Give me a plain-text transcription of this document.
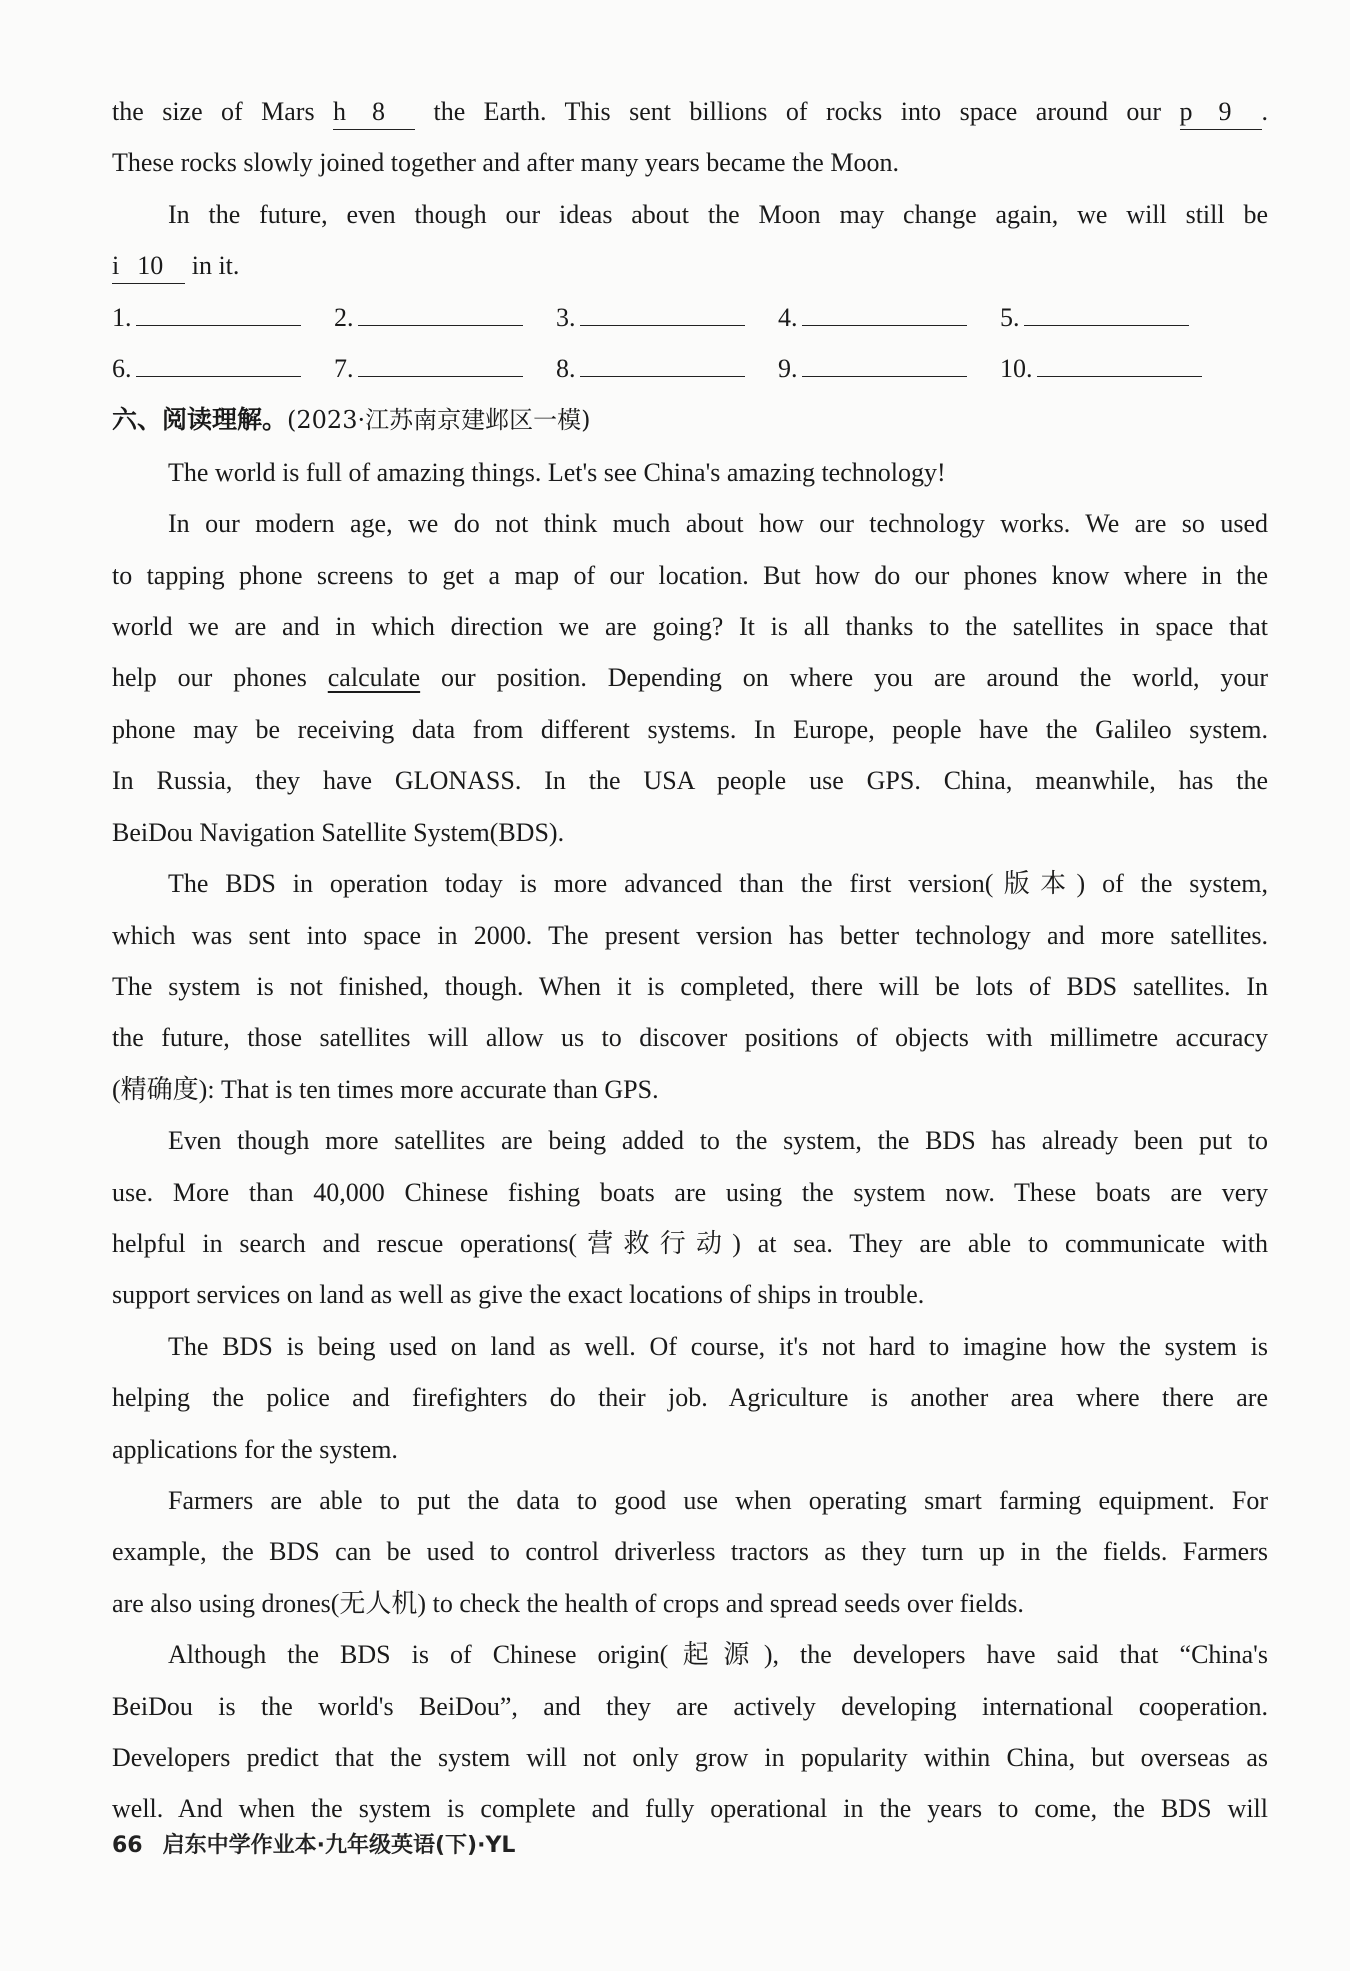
the size of Mars h 8 the Earth. This sent billions of rocks into space around our p 9 .
These rocks slowly joined together and after many years became the Moon.
In the future, even though our ideas about the Moon may change again, we will still be
i 10 in it.
1.	2.	3.	4.	5.
6.	7.	8.	9.	10.
六、阅读理解。(2023·江苏南京建邺区一模)
The world is full of amazing things. Let's see China's amazing technology!
In our modern age, we do not think much about how our technology works. We are so used
to tapping phone screens to get a map of our location. But how do our phones know where in the
world we are and in which direction we are going? It is all thanks to the satellites in space that
help our phones calculate our position. Depending on where you are around the world, your
phone may be receiving data from different systems. In Europe, people have the Galileo system.
In Russia, they have GLONASS. In the USA people use GPS. China, meanwhile, has the
BeiDou Navigation Satellite System(BDS).
The BDS in operation today is more advanced than the first version(版本) of the system,
which was sent into space in 2000. The present version has better technology and more satellites.
The system is not finished, though. When it is completed, there will be lots of BDS satellites. In
the future, those satellites will allow us to discover positions of objects with millimetre accuracy
(精确度): That is ten times more accurate than GPS.
Even though more satellites are being added to the system, the BDS has already been put to
use. More than 40,000 Chinese fishing boats are using the system now. These boats are very
helpful in search and rescue operations(营救行动) at sea. They are able to communicate with
support services on land as well as give the exact locations of ships in trouble.
The BDS is being used on land as well. Of course, it's not hard to imagine how the system is
helping the police and firefighters do their job. Agriculture is another area where there are
applications for the system.
Farmers are able to put the data to good use when operating smart farming equipment. For
example, the BDS can be used to control driverless tractors as they turn up in the fields. Farmers
are also using drones(无人机) to check the health of crops and spread seeds over fields.
Although the BDS is of Chinese origin(起源), the developers have said that “China's
BeiDou is the world's BeiDou”, and they are actively developing international cooperation.
Developers predict that the system will not only grow in popularity within China, but overseas as
well. And when the system is complete and fully operational in the years to come, the BDS will
66 启东中学作业本·九年级英语(下)·YL
